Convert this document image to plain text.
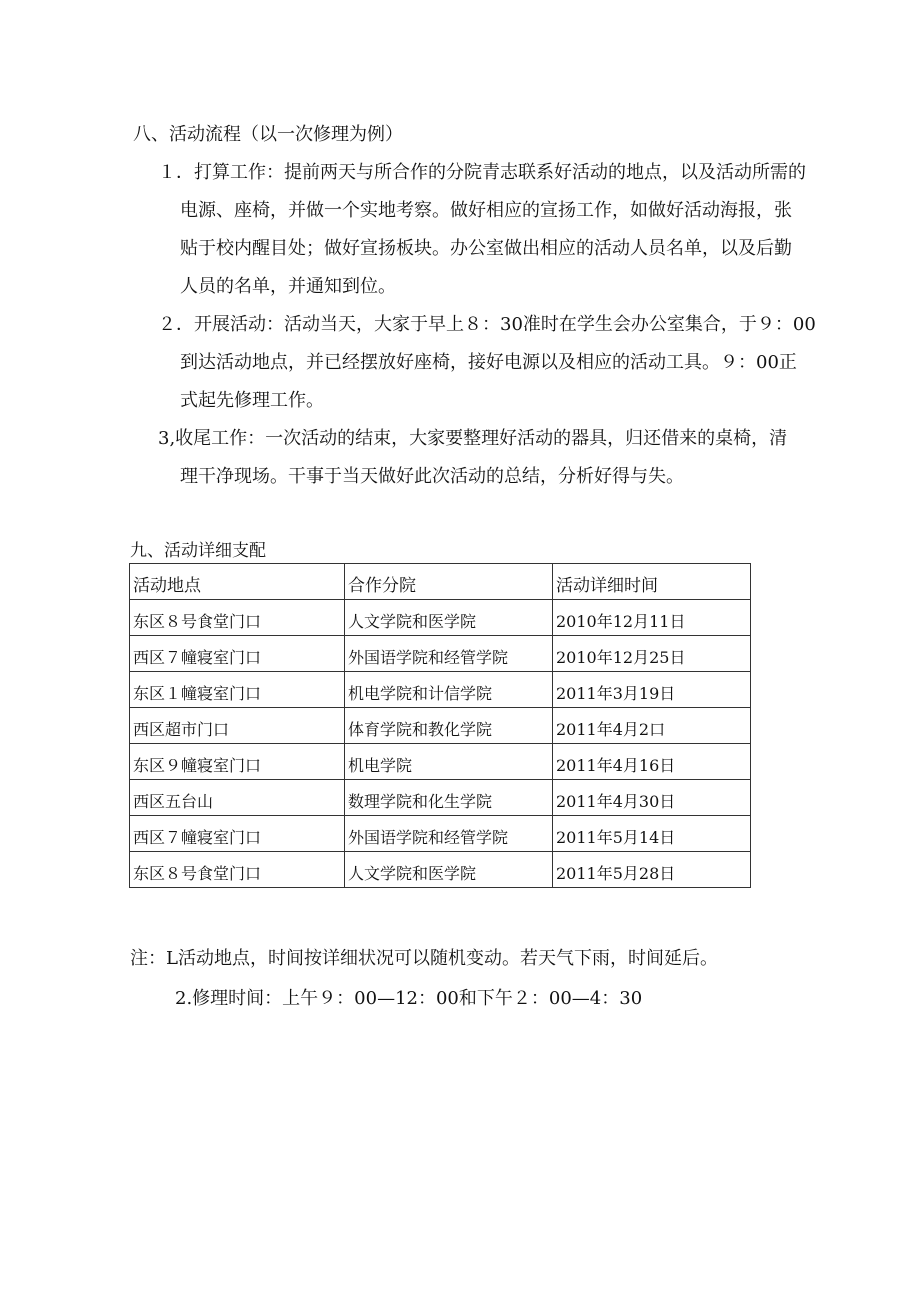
八、活动流程（以一次修理为例）
１．打算工作：提前两天与所合作的分院青志联系好活动的地点，以及活动所需的
电源、座椅，并做一个实地考察。做好相应的宣扬工作，如做好活动海报，张
贴于校内醒目处；做好宣扬板块。办公室做出相应的活动人员名单，以及后勤
人员的名单，并通知到位。
２．开展活动：活动当天，大家于早上８：30准时在学生会办公室集合，于９：00
到达活动地点，并已经摆放好座椅，接好电源以及相应的活动工具。９：00正
式起先修理工作。
3,收尾工作：一次活动的结束，大家要整理好活动的器具，归还借来的桌椅，清
理干净现场。干事于当天做好此次活动的总结，分析好得与失。
九、活动详细支配
活动地点	合作分院	活动详细时间
东区８号食堂门口	人文学院和医学院	2010年12月11日
西区７幢寝室门口	外国语学院和经管学院	2010年12月25日
东区１幢寝室门口	机电学院和计信学院	2011年3月19日
西区超市门口	体育学院和教化学院	2011年4月2口
东区９幢寝室门口	机电学院	2011年4月16日
西区五台山	数理学院和化生学院	2011年4月30日
西区７幢寝室门口	外国语学院和经管学院	2011年5月14日
东区８号食堂门口	人文学院和医学院	2011年5月28日
注：L活动地点，时间按详细状况可以随机变动。若天气下雨，时间延后。
2.修理时间：上午９：00—12：00和下午２：00—4：30
